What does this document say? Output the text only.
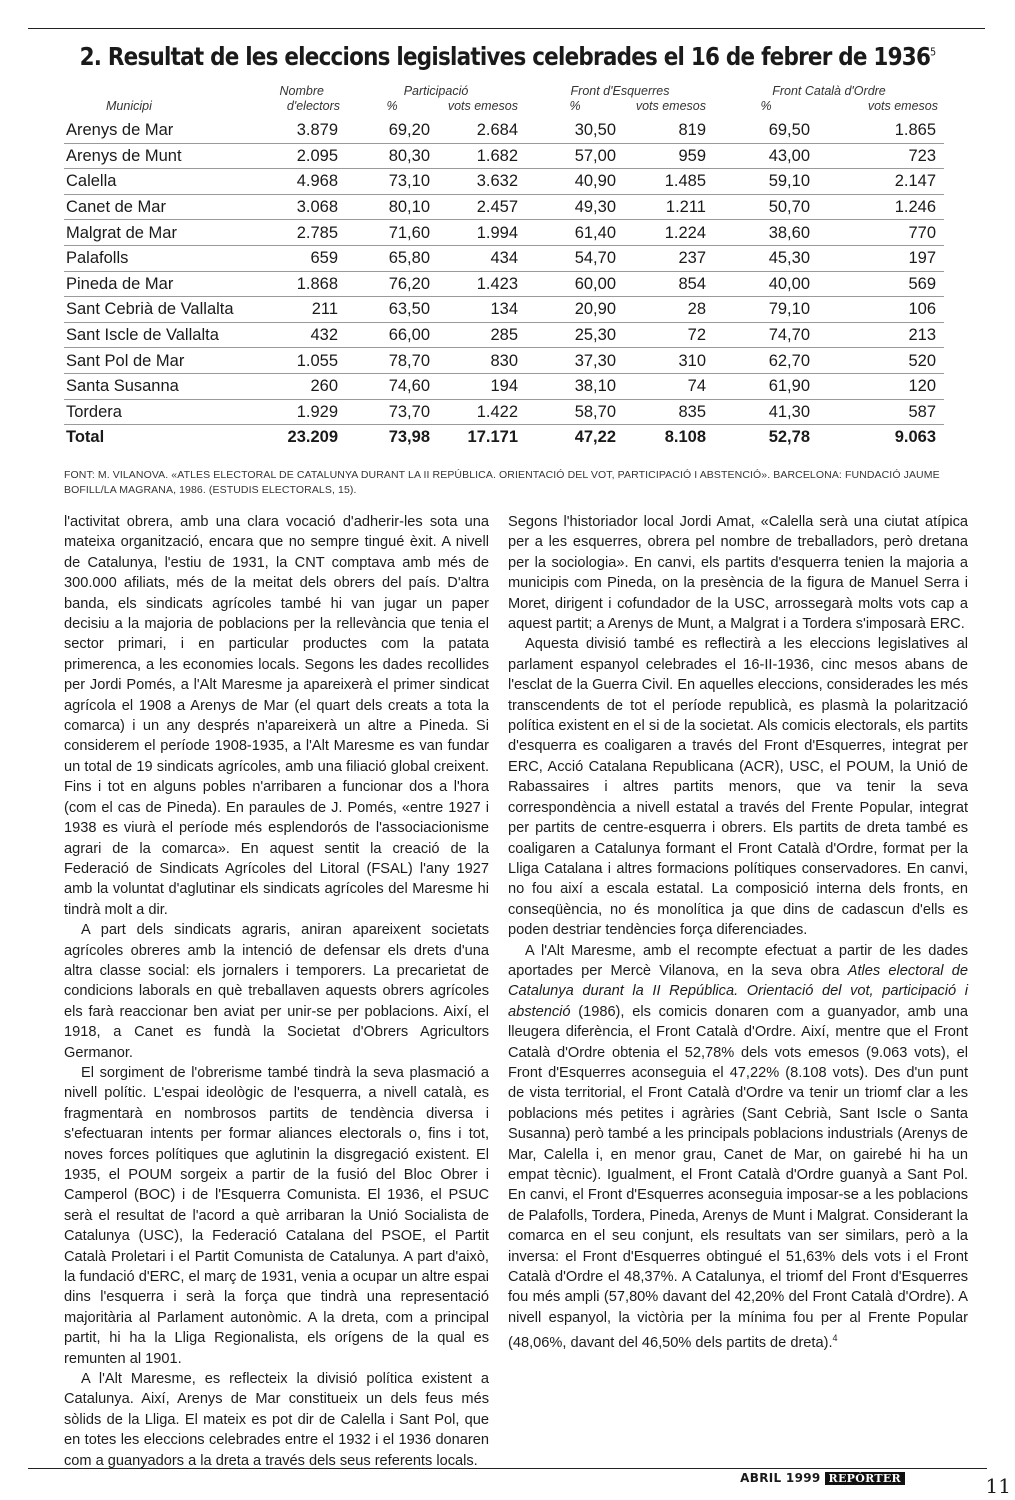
2. Resultat de les eleccions legislatives celebrades el 16 de febrer de 1936$^5$
	Nombre	Participació		Front d'Esquerres		Front Català d'Ordre	
Municipi	d'electors	%	vots emesos	%	vots emesos	%	vots emesos
Arenys de Mar	3.879	69,20	2.684	30,50	819	69,50	1.865
Arenys de Munt	2.095	80,30	1.682	57,00	959	43,00	723
Calella	4.968	73,10	3.632	40,90	1.485	59,10	2.147
Canet de Mar	3.068	80,10	2.457	49,30	1.211	50,70	1.246
Malgrat de Mar	2.785	71,60	1.994	61,40	1.224	38,60	770
Palafolls	659	65,80	434	54,70	237	45,30	197
Pineda de Mar	1.868	76,20	1.423	60,00	854	40,00	569
Sant Cebrià de Vallalta	211	63,50	134	20,90	28	79,10	106
Sant Iscle de Vallalta	432	66,00	285	25,30	72	74,70	213
Sant Pol de Mar	1.055	78,70	830	37,30	310	62,70	520
Santa Susanna	260	74,60	194	38,10	74	61,90	120
Tordera	1.929	73,70	1.422	58,70	835	41,30	587
Total	23.209	73,98	17.171	47,22	8.108	52,78	9.063
FONT: M. VILANOVA. «ATLES ELECTORAL DE CATALUNYA DURANT LA II REPÚBLICA. ORIENTACIÓ DEL VOT, PARTICIPACIÓ I ABSTENCIÓ». BARCELONA: FUNDACIÓ JAUME BOFILL/LA MAGRANA, 1986. (ESTUDIS ELECTORALS, 15).

l'activitat obrera, amb una clara vocació d'adherir-les sota una mateixa organització, encara que no sempre tingué èxit. A nivell de Catalunya, l'estiu de 1931, la CNT comptava amb més de 300.000 afiliats, més de la meitat dels obrers del país. D'altra banda, els sindicats agrícoles també hi van jugar un paper decisiu a la majoria de poblacions per la rellevància que tenia el sector primari, i en particular productes com la patata primerenca, a les economies locals. Segons les dades recollides per Jordi Pomés, a l'Alt Maresme ja apareixerà el primer sindicat agrícola el 1908 a Arenys de Mar (el quart dels creats a tota la comarca) i un any després n'apareixerà un altre a Pineda. Si considerem el període 1908-1935, a l'Alt Maresme es van fundar un total de 19 sindicats agrícoles, amb una filiació global creixent. Fins i tot en alguns pobles n'arribaren a funcionar dos a l'hora (com el cas de Pineda). En paraules de J. Pomés, «entre 1927 i 1938 es viurà el període més esplendorós de l'associacionisme agrari de la comarca». En aquest sentit la creació de la Federació de Sindicats Agrícoles del Litoral (FSAL) l'any 1927 amb la voluntat d'aglutinar els sindicats agrícoles del Maresme hi tindrà molt a dir.

A part dels sindicats agraris, aniran apareixent societats agrícoles obreres amb la intenció de defensar els drets d'una altra classe social: els jornalers i temporers. La precarietat de condicions laborals en què treballaven aquests obrers agrícoles els farà reaccionar ben aviat per unir-se per poblacions. Així, el 1918, a Canet es fundà la Societat d'Obrers Agricultors Germanor.

El sorgiment de l'obrerisme també tindrà la seva plasmació a nivell polític. L'espai ideològic de l'esquerra, a nivell català, es fragmentarà en nombrosos partits de tendència diversa i s'efectuaran intents per formar aliances electorals o, fins i tot, noves forces polítiques que aglutinin la disgregació existent. El 1935, el POUM sorgeix a partir de la fusió del Bloc Obrer i Camperol (BOC) i de l'Esquerra Comunista. El 1936, el PSUC serà el resultat de l'acord a què arribaran la Unió Socialista de Catalunya (USC), la Federació Catalana del PSOE, el Partit Català Proletari i el Partit Comunista de Catalunya. A part d'això, la fundació d'ERC, el març de 1931, venia a ocupar un altre espai dins l'esquerra i serà la força que tindrà una representació majoritària al Parlament autonòmic. A la dreta, com a principal partit, hi ha la Lliga Regionalista, els orígens de la qual es remunten al 1901.

A l'Alt Maresme, es reflecteix la divisió política existent a Catalunya. Així, Arenys de Mar constitueix un dels feus més sòlids de la Lliga. El mateix es pot dir de Calella i Sant Pol, que en totes les eleccions celebrades entre el 1932 i el 1936 donaren com a guanyadors a la dreta a través dels seus referents locals.

Segons l'historiador local Jordi Amat, «Calella serà una ciutat atípica per a les esquerres, obrera pel nombre de treballadors, però dretana per la sociologia». En canvi, els partits d'esquerra tenien la majoria a municipis com Pineda, on la presència de la figura de Manuel Serra i Moret, dirigent i cofundador de la USC, arrossegarà molts vots cap a aquest partit; a Arenys de Munt, a Malgrat i a Tordera s'imposarà ERC.

Aquesta divisió també es reflectirà a les eleccions legislatives al parlament espanyol celebrades el 16-II-1936, cinc mesos abans de l'esclat de la Guerra Civil. En aquelles eleccions, considerades les més transcendents de tot el període republicà, es plasmà la polarització política existent en el si de la societat. Als comicis electorals, els partits d'esquerra es coaligaren a través del Front d'Esquerres, integrat per ERC, Acció Catalana Republicana (ACR), USC, el POUM, la Unió de Rabassaires i altres partits menors, que va tenir la seva correspondència a nivell estatal a través del Frente Popular, integrat per partits de centre-esquerra i obrers. Els partits de dreta també es coaligaren a Catalunya formant el Front Català d'Ordre, format per la Lliga Catalana i altres formacions polítiques conservadores. En canvi, no fou així a escala estatal. La composició interna dels fronts, en conseqüència, no és monolítica ja que dins de cadascun d'ells es poden destriar tendències força diferenciades.

A l'Alt Maresme, amb el recompte efectuat a partir de les dades aportades per Mercè Vilanova, en la seva obra Atles electoral de Catalunya durant la II República. Orientació del vot, participació i abstenció (1986), els comicis donaren com a guanyador, amb una lleugera diferència, el Front Català d'Ordre. Així, mentre que el Front Català d'Ordre obtenia el 52,78% dels vots emesos (9.063 vots), el Front d'Esquerres aconseguia el 47,22% (8.108 vots). Des d'un punt de vista territorial, el Front Català d'Ordre va tenir un triomf clar a les poblacions més petites i agràries (Sant Cebrià, Sant Iscle o Santa Susanna) però també a les principals poblacions industrials (Arenys de Mar, Calella i, en menor grau, Canet de Mar, on gairebé hi ha un empat tècnic). Igualment, el Front Català d'Ordre guanyà a Sant Pol. En canvi, el Front d'Esquerres aconseguia imposar-se a les poblacions de Palafolls, Tordera, Pineda, Arenys de Munt i Malgrat. Considerant la comarca en el seu conjunt, els resultats van ser similars, però a la inversa: el Front d'Esquerres obtingué el 51,63% dels vots i el Front Català d'Ordre el 48,37%. A Catalunya, el triomf del Front d'Esquerres fou més ampli (57,80% davant del 42,20% del Front Català d'Ordre). A nivell espanyol, la victòria per la mínima fou per al Frente Popular (48,06%, davant del 46,50% dels partits de dreta).$^4$

ABRIL 1999 REPÒRTER	11
